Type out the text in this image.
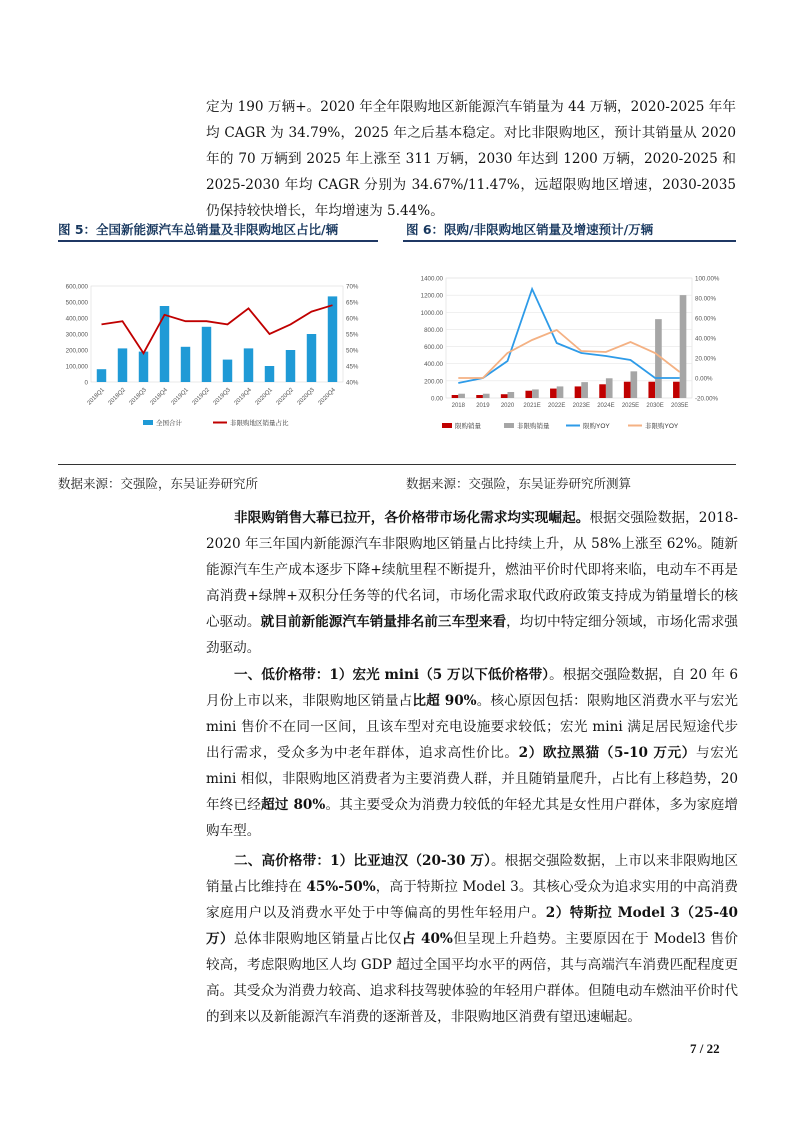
定为 190 万辆+。2020 年全年限购地区新能源汽车销量为 44 万辆，2020-2025 年年均 CAGR 为 34.79%，2025 年之后基本稳定。对比非限购地区，预计其销量从 2020 年的 70 万辆到 2025 年上涨至 311 万辆，2030 年达到 1200 万辆，2020-2025 和 2025-2030 年均 CAGR 分别为 34.67%/11.47%，远超限购地区增速，2030-2035 仍保持较快增长，年均增速为 5.44%。

图 5：全国新能源汽车总销量及非限购地区占比/辆	图 6：限购/非限购地区销量及增速预计/万辆
0
100,000
200,000
300,000
400,000
500,000
600,000
40%
45%
50%
55%
60%
65%
70%
2018Q1 2018Q2 2018Q3 2018Q4 2019Q1 2019Q2 2019Q3 2019Q4 2020Q1 2020Q2 2020Q3 2020Q4
全国合计	非限购地区销量占比
0.00
200.00
400.00
600.00
800.00
1000.00
1200.00
1400.00
-20.00%
0.00%
20.00%
40.00%
60.00%
80.00%
100.00%
2018 2019 2020 2021E 2022E 2023E 2024E 2025E 2030E 2035E
限购销量	非限购销量	限购YOY	非限购YOY
数据来源：交强险，东吴证券研究所	数据来源：交强险，东吴证券研究所测算

非限购销售大幕已拉开，各价格带市场化需求均实现崛起。根据交强险数据，2018-2020 年三年国内新能源汽车非限购地区销量占比持续上升，从 58%上涨至 62%。随新能源汽车生产成本逐步下降+续航里程不断提升，燃油平价时代即将来临，电动车不再是高消费+绿牌+双积分任务等的代名词，市场化需求取代政府政策支持成为销量增长的核心驱动。就目前新能源汽车销量排名前三车型来看，均切中特定细分领域，市场化需求强劲驱动。

一、低价格带：1）宏光 mini（5 万以下低价格带）。根据交强险数据，自 20 年 6 月份上市以来，非限购地区销量占比超 90%。核心原因包括：限购地区消费水平与宏光 mini 售价不在同一区间，且该车型对充电设施要求较低；宏光 mini 满足居民短途代步出行需求，受众多为中老年群体，追求高性价比。2）欧拉黑猫（5-10 万元）与宏光 mini 相似，非限购地区消费者为主要消费人群，并且随销量爬升，占比有上移趋势，20 年终已经超过 80%。其主要受众为消费力较低的年轻尤其是女性用户群体，多为家庭增购车型。

二、高价格带：1）比亚迪汉（20-30 万）。根据交强险数据，上市以来非限购地区销量占比维持在 45%-50%，高于特斯拉 Model 3。其核心受众为追求实用的中高消费家庭用户以及消费水平处于中等偏高的男性年轻用户。2）特斯拉 Model 3（25-40 万）总体非限购地区销量占比仅占 40%但呈现上升趋势。主要原因在于 Model3 售价较高，考虑限购地区人均 GDP 超过全国平均水平的两倍，其与高端汽车消费匹配程度更高。其受众为消费力较高、追求科技驾驶体验的年轻用户群体。但随电动车燃油平价时代的到来以及新能源汽车消费的逐渐普及，非限购地区消费有望迅速崛起。

7 / 22
